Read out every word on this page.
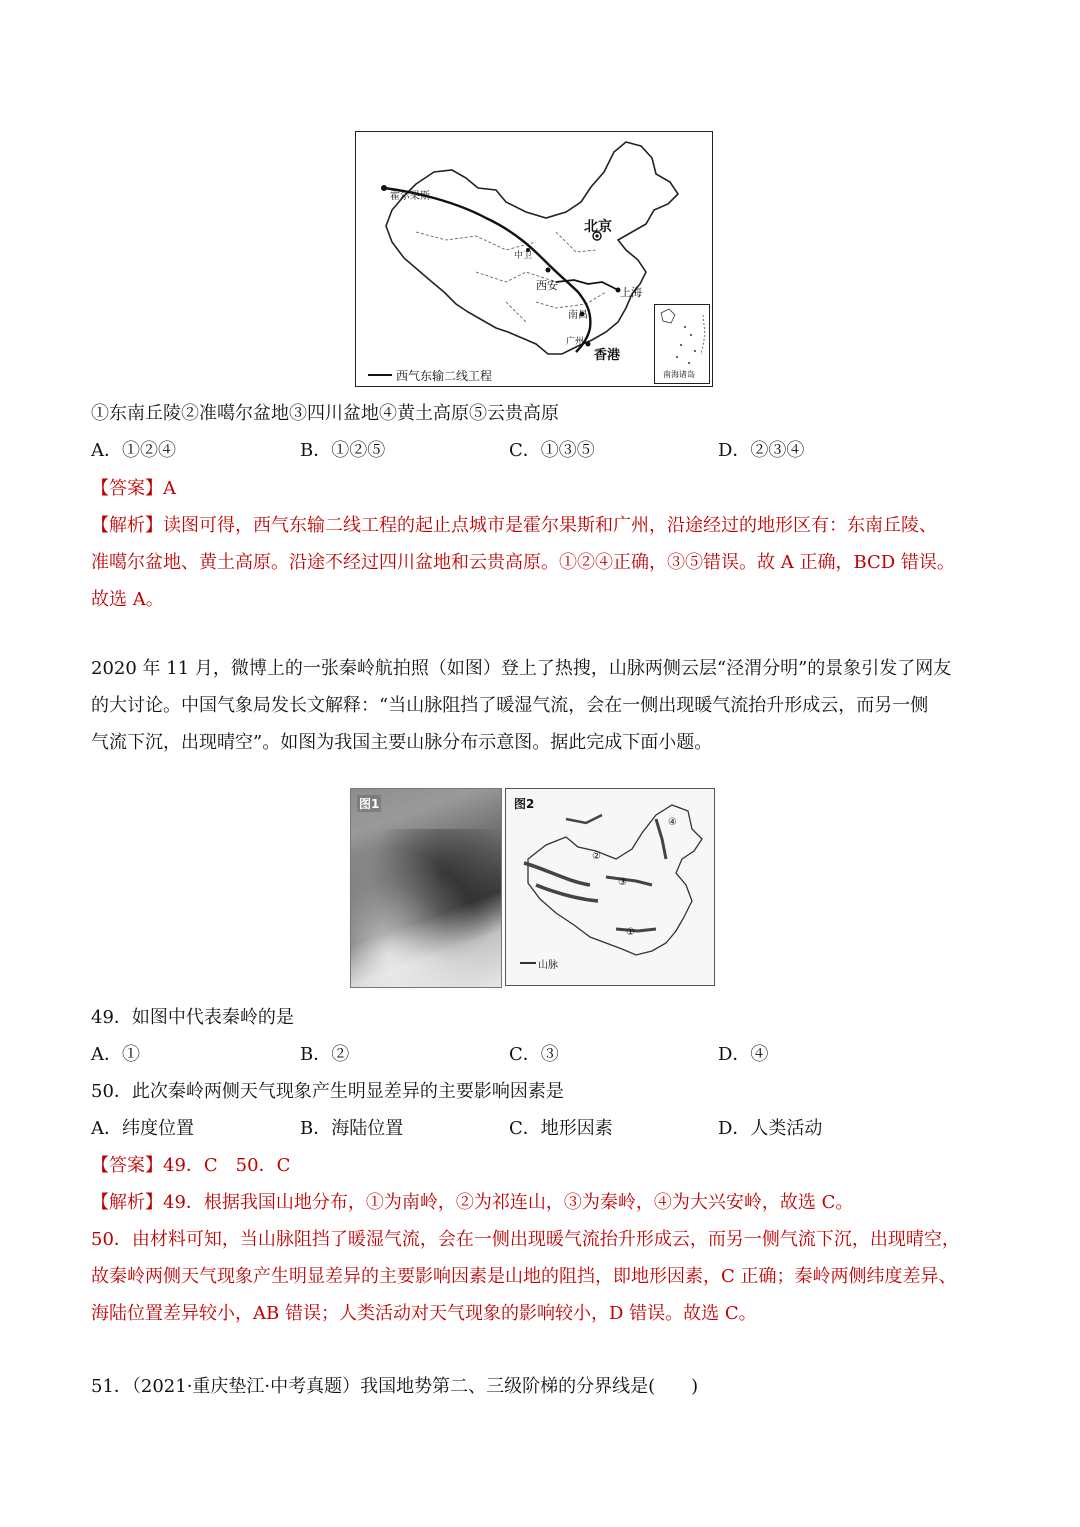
霍尔果斯
北京
中卫
西安
上海
南昌
广州
香港
西气东输二线工程	南海诸岛
①东南丘陵②准噶尔盆地③四川盆地④黄土高原⑤云贵高原
A．①②④	B．①②⑤	C．①③⑤	D．②③④
【答案】A
【解析】读图可得，西气东输二线工程的起止点城市是霍尔果斯和广州，沿途经过的地形区有：东南丘陵、
准噶尔盆地、黄土高原。沿途不经过四川盆地和云贵高原。①②④正确，③⑤错误。故 A 正确，BCD 错误。
故选 A。
2020 年 11 月，微博上的一张秦岭航拍照（如图）登上了热搜，山脉两侧云层“泾渭分明”的景象引发了网友
的大讨论。中国气象局发长文解释：“当山脉阻挡了暖湿气流，会在一侧出现暖气流抬升形成云，而另一侧
气流下沉，出现晴空”。如图为我国主要山脉分布示意图。据此完成下面小题。
图1	图2
①
②
③
④
山脉
49．如图中代表秦岭的是
A．①	B．②	C．③	D．④
50．此次秦岭两侧天气现象产生明显差异的主要影响因素是
A．纬度位置	B．海陆位置	C．地形因素	D．人类活动
【答案】49．C　50．C
【解析】49．根据我国山地分布，①为南岭，②为祁连山，③为秦岭，④为大兴安岭，故选 C。
50．由材料可知，当山脉阻挡了暖湿气流，会在一侧出现暖气流抬升形成云，而另一侧气流下沉，出现晴空，
故秦岭两侧天气现象产生明显差异的主要影响因素是山地的阻挡，即地形因素，C 正确；秦岭两侧纬度差异、
海陆位置差异较小，AB 错误；人类活动对天气现象的影响较小，D 错误。故选 C。
51．（2021·重庆垫江·中考真题）我国地势第二、三级阶梯的分界线是(　　)
